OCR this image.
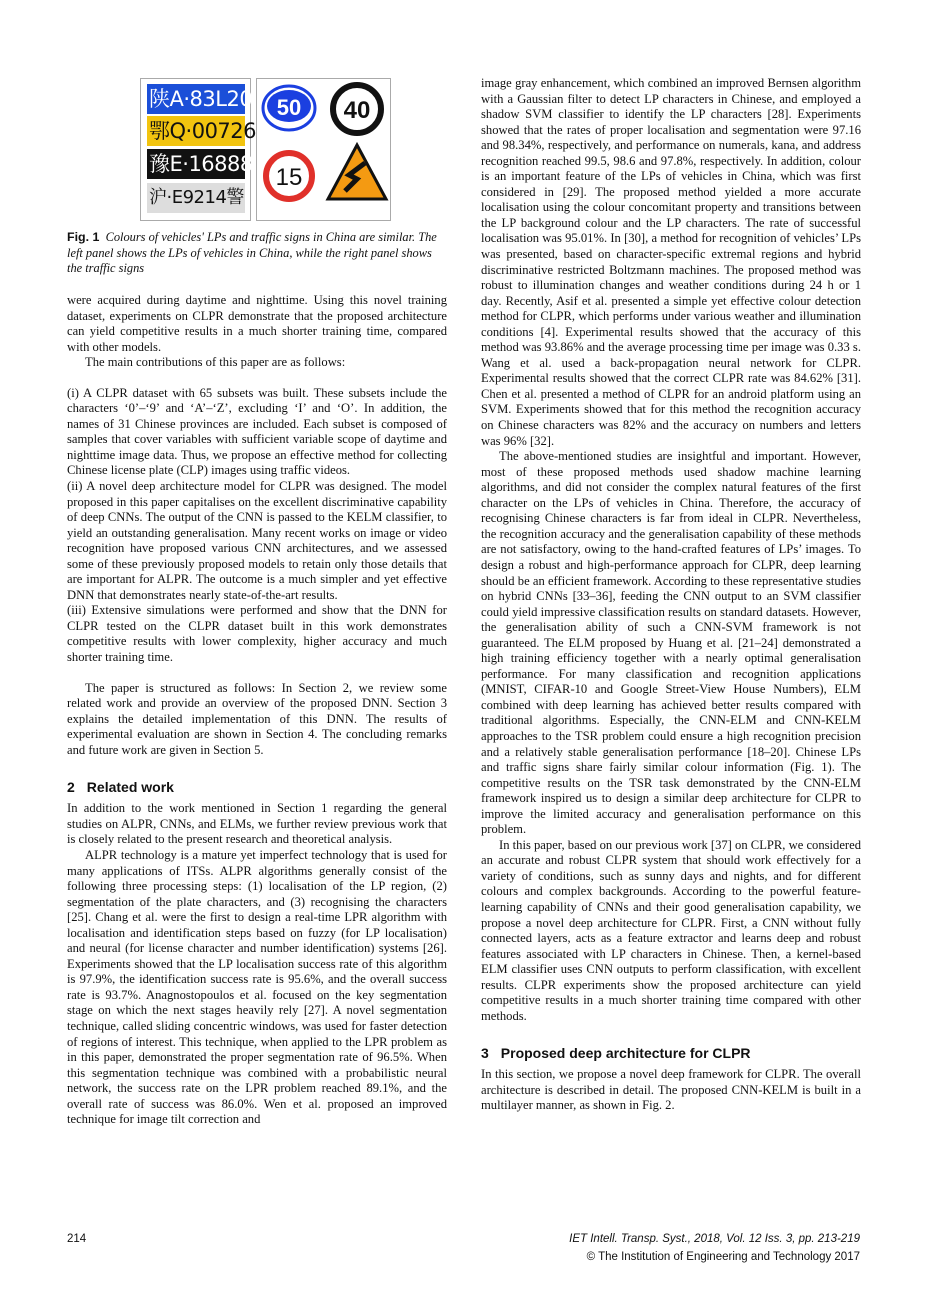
陕A·83L20
鄂Q·00726
豫E·16888
沪·E9214警
50 40
15
Fig. 1 Colours of vehicles' LPs and traffic signs in China are similar. The left panel shows the LPs of vehicles in China, while the right panel shows the traffic signs

were acquired during daytime and nighttime. Using this novel training dataset, experiments on CLPR demonstrate that the proposed architecture can yield competitive results in a much shorter training time, compared with other models.

The main contributions of this paper are as follows:

(i) A CLPR dataset with 65 subsets was built. These subsets include the characters ‘0’–‘9’ and ‘A’–‘Z’, excluding ‘I’ and ‘O’. In addition, the names of 31 Chinese provinces are included. Each subset is composed of samples that cover variables with sufficient variable scope of daytime and nighttime image data. Thus, we propose an effective method for collecting Chinese license plate (CLP) images using traffic videos.

(ii) A novel deep architecture model for CLPR was designed. The model proposed in this paper capitalises on the excellent discriminative capability of deep CNNs. The output of the CNN is passed to the KELM classifier, to yield an outstanding generalisation. Many recent works on image or video recognition have proposed various CNN architectures, and we assessed some of these previously proposed models to retain only those details that are important for ALPR. The outcome is a much simpler and yet effective DNN that demonstrates nearly state-of-the-art results.

(iii) Extensive simulations were performed and show that the DNN for CLPR tested on the CLPR dataset built in this work demonstrates competitive results with lower complexity, higher accuracy and much shorter training time.

The paper is structured as follows: In Section 2, we review some related work and provide an overview of the proposed DNN. Section 3 explains the detailed implementation of this DNN. The results of experimental evaluation are shown in Section 4. The concluding remarks and future work are given in Section 5.

2 Related work

In addition to the work mentioned in Section 1 regarding the general studies on ALPR, CNNs, and ELMs, we further review previous work that is closely related to the present research and theoretical analysis.

ALPR technology is a mature yet imperfect technology that is used for many applications of ITSs. ALPR algorithms generally consist of the following three processing steps: (1) localisation of the LP region, (2) segmentation of the plate characters, and (3) recognising the characters [25]. Chang et al. were the first to design a real-time LPR algorithm with localisation and identification steps based on fuzzy (for LP localisation) and neural (for license character and number identification) systems [26]. Experiments showed that the LP localisation success rate of this algorithm is 97.9%, the identification success rate is 95.6%, and the overall success rate is 93.7%. Anagnostopoulos et al. focused on the key segmentation stage on which the next stages heavily rely [27]. A novel segmentation technique, called sliding concentric windows, was used for faster detection of regions of interest. This technique, when applied to the LPR problem as in this paper, demonstrated the proper segmentation rate of 96.5%. When this segmentation technique was combined with a probabilistic neural network, the success rate on the LPR problem reached 89.1%, and the overall rate of success was 86.0%. Wen et al. proposed an improved technique for image tilt correction and

image gray enhancement, which combined an improved Bernsen algorithm with a Gaussian filter to detect LP characters in Chinese, and employed a shadow SVM classifier to identify the LP characters [28]. Experiments showed that the rates of proper localisation and segmentation were 97.16 and 98.34%, respectively, and performance on numerals, kana, and address recognition reached 99.5, 98.6 and 97.8%, respectively. In addition, colour is an important feature of the LPs of vehicles in China, which was first considered in [29]. The proposed method yielded a more accurate localisation using the colour concomitant property and transitions between the LP background colour and the LP characters. The rate of successful localisation was 95.01%. In [30], a method for recognition of vehicles’ LPs was presented, based on character-specific extremal regions and hybrid discriminative restricted Boltzmann machines. The proposed method was robust to illumination changes and weather conditions during 24 h or 1 day. Recently, Asif et al. presented a simple yet effective colour detection method for CLPR, which performs under various weather and illumination conditions [4]. Experimental results showed that the accuracy of this method was 93.86% and the average processing time per image was 0.33 s. Wang et al. used a back-propagation neural network for CLPR. Experimental results showed that the correct CLPR rate was 84.62% [31]. Chen et al. presented a method of CLPR for an android platform using an SVM. Experiments showed that for this method the recognition accuracy on Chinese characters was 82% and the accuracy on numbers and letters was 96% [32].

The above-mentioned studies are insightful and important. However, most of these proposed methods used shadow machine learning algorithms, and did not consider the complex natural features of the first character on the LPs of vehicles in China. Therefore, the accuracy of recognising Chinese characters is far from ideal in CLPR. Nevertheless, the recognition accuracy and the generalisation capability of these methods are not satisfactory, owing to the hand-crafted features of LPs’ images. To design a robust and high-performance approach for CLPR, deep learning should be an efficient framework. According to these representative studies on hybrid CNNs [33–36], feeding the CNN output to an SVM classifier could yield impressive classification results on standard datasets. However, the generalisation ability of such a CNN-SVM framework is not guaranteed. The ELM proposed by Huang et al. [21–24] demonstrated a high training efficiency together with a nearly optimal generalisation performance. For many classification and recognition applications (MNIST, CIFAR-10 and Google Street-View House Numbers), ELM combined with deep learning has achieved better results compared with traditional algorithms. Especially, the CNN-ELM and CNN-KELM approaches to the TSR problem could ensure a high recognition precision and a relatively stable generalisation performance [18–20]. Chinese LPs and traffic signs share fairly similar colour information (Fig. 1). The competitive results on the TSR task demonstrated by the CNN-ELM framework inspired us to design a similar deep architecture for CLPR to improve the limited accuracy and generalisation performance on this problem.

In this paper, based on our previous work [37] on CLPR, we considered an accurate and robust CLPR system that should work effectively for a variety of conditions, such as sunny days and nights, and for different colours and complex backgrounds. According to the powerful feature-learning capability of CNNs and their good generalisation capability, we propose a novel deep architecture for CLPR. First, a CNN without fully connected layers, acts as a feature extractor and learns deep and robust features associated with LP characters in Chinese. Then, a kernel-based ELM classifier uses CNN outputs to perform classification, with excellent results. CLPR experiments show the proposed architecture can yield competitive results in a much shorter training time compared with other methods.

3 Proposed deep architecture for CLPR

In this section, we propose a novel deep framework for CLPR. The overall architecture is described in detail. The proposed CNN-KELM is built in a multilayer manner, as shown in Fig. 2.

214	IET Intell. Transp. Syst., 2018, Vol. 12 Iss. 3, pp. 213-219
© The Institution of Engineering and Technology 2017
